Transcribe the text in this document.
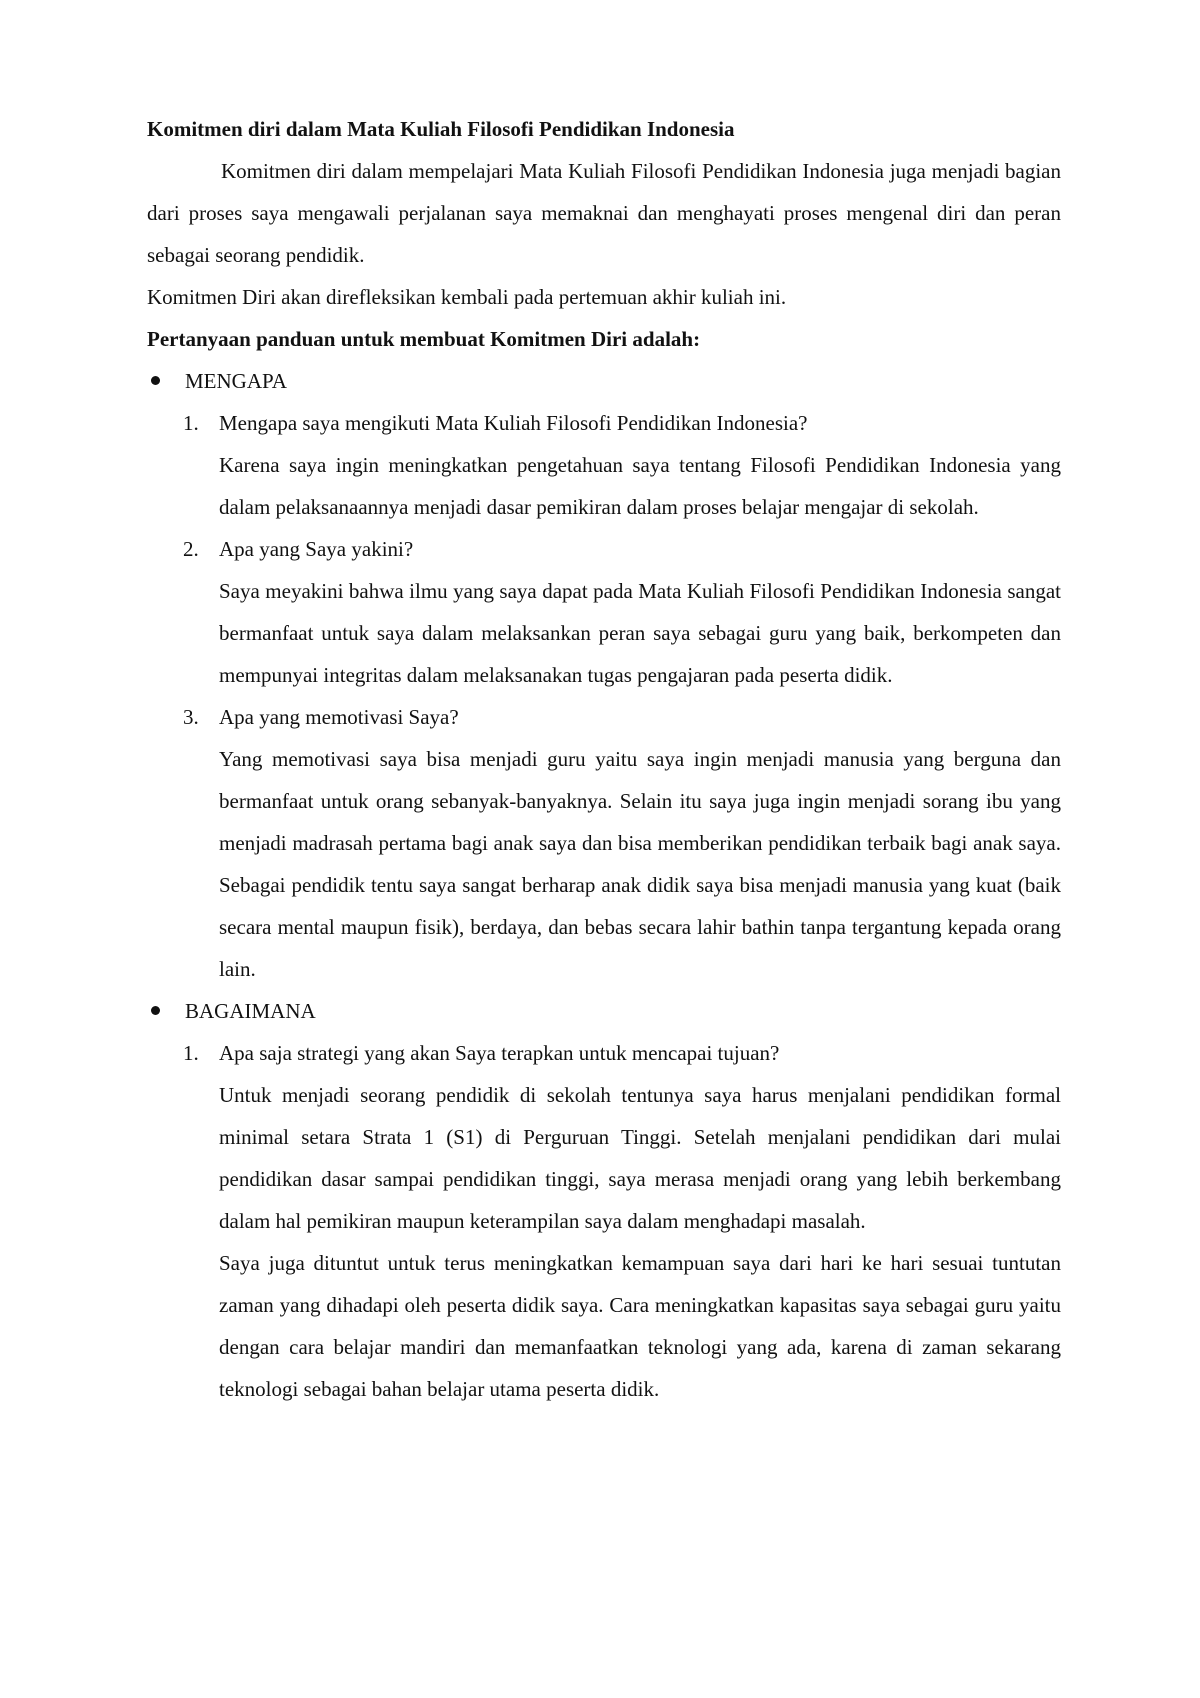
Komitmen diri dalam Mata Kuliah Filosofi Pendidikan Indonesia

Komitmen diri dalam mempelajari Mata Kuliah Filosofi Pendidikan Indonesia juga menjadi bagian dari proses saya mengawali perjalanan saya memaknai dan menghayati proses mengenal diri dan peran sebagai seorang pendidik.

Komitmen Diri akan direfleksikan kembali pada pertemuan akhir kuliah ini.

Pertanyaan panduan untuk membuat Komitmen Diri adalah:

MENGAPA
1. Mengapa saya mengikuti Mata Kuliah Filosofi Pendidikan Indonesia?
Karena saya ingin meningkatkan pengetahuan saya tentang Filosofi Pendidikan Indonesia yang dalam pelaksanaannya menjadi dasar pemikiran dalam proses belajar mengajar di sekolah.
2. Apa yang Saya yakini?
Saya meyakini bahwa ilmu yang saya dapat pada Mata Kuliah Filosofi Pendidikan Indonesia sangat bermanfaat untuk saya dalam melaksankan peran saya sebagai guru yang baik, berkompeten dan mempunyai integritas dalam melaksanakan tugas pengajaran pada peserta didik.
3. Apa yang memotivasi Saya?
Yang memotivasi saya bisa menjadi guru yaitu saya ingin menjadi manusia yang berguna dan bermanfaat untuk orang sebanyak-banyaknya. Selain itu saya juga ingin menjadi sorang ibu yang menjadi madrasah pertama bagi anak saya dan bisa memberikan pendidikan terbaik bagi anak saya. Sebagai pendidik tentu saya sangat berharap anak didik saya bisa menjadi manusia yang kuat (baik secara mental maupun fisik), berdaya, dan bebas secara lahir bathin tanpa tergantung kepada orang lain.
BAGAIMANA
1. Apa saja strategi yang akan Saya terapkan untuk mencapai tujuan?
Untuk menjadi seorang pendidik di sekolah tentunya saya harus menjalani pendidikan formal minimal setara Strata 1 (S1) di Perguruan Tinggi. Setelah menjalani pendidikan dari mulai pendidikan dasar sampai pendidikan tinggi, saya merasa menjadi orang yang lebih berkembang dalam hal pemikiran maupun keterampilan saya dalam menghadapi masalah.
Saya juga dituntut untuk terus meningkatkan kemampuan saya dari hari ke hari sesuai tuntutan zaman yang dihadapi oleh peserta didik saya. Cara meningkatkan kapasitas saya sebagai guru yaitu dengan cara belajar mandiri dan memanfaatkan teknologi yang ada, karena di zaman sekarang teknologi sebagai bahan belajar utama peserta didik.
